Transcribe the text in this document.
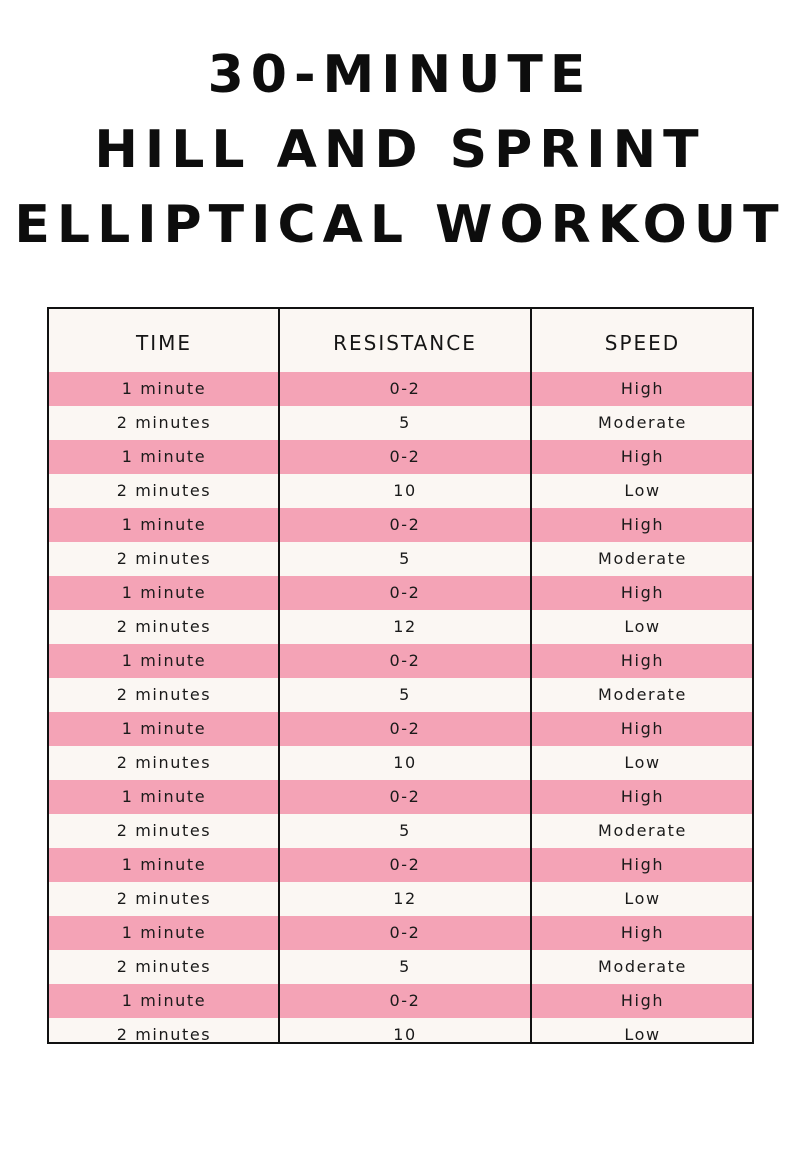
30-MINUTE
HILL AND SPRINT
ELLIPTICAL WORKOUT
TIME	RESISTANCE	SPEED
1 minute	0-2	High
2 minutes	5	Moderate
1 minute	0-2	High
2 minutes	10	Low
1 minute	0-2	High
2 minutes	5	Moderate
1 minute	0-2	High
2 minutes	12	Low
1 minute	0-2	High
2 minutes	5	Moderate
1 minute	0-2	High
2 minutes	10	Low
1 minute	0-2	High
2 minutes	5	Moderate
1 minute	0-2	High
2 minutes	12	Low
1 minute	0-2	High
2 minutes	5	Moderate
1 minute	0-2	High
2 minutes	10	Low
